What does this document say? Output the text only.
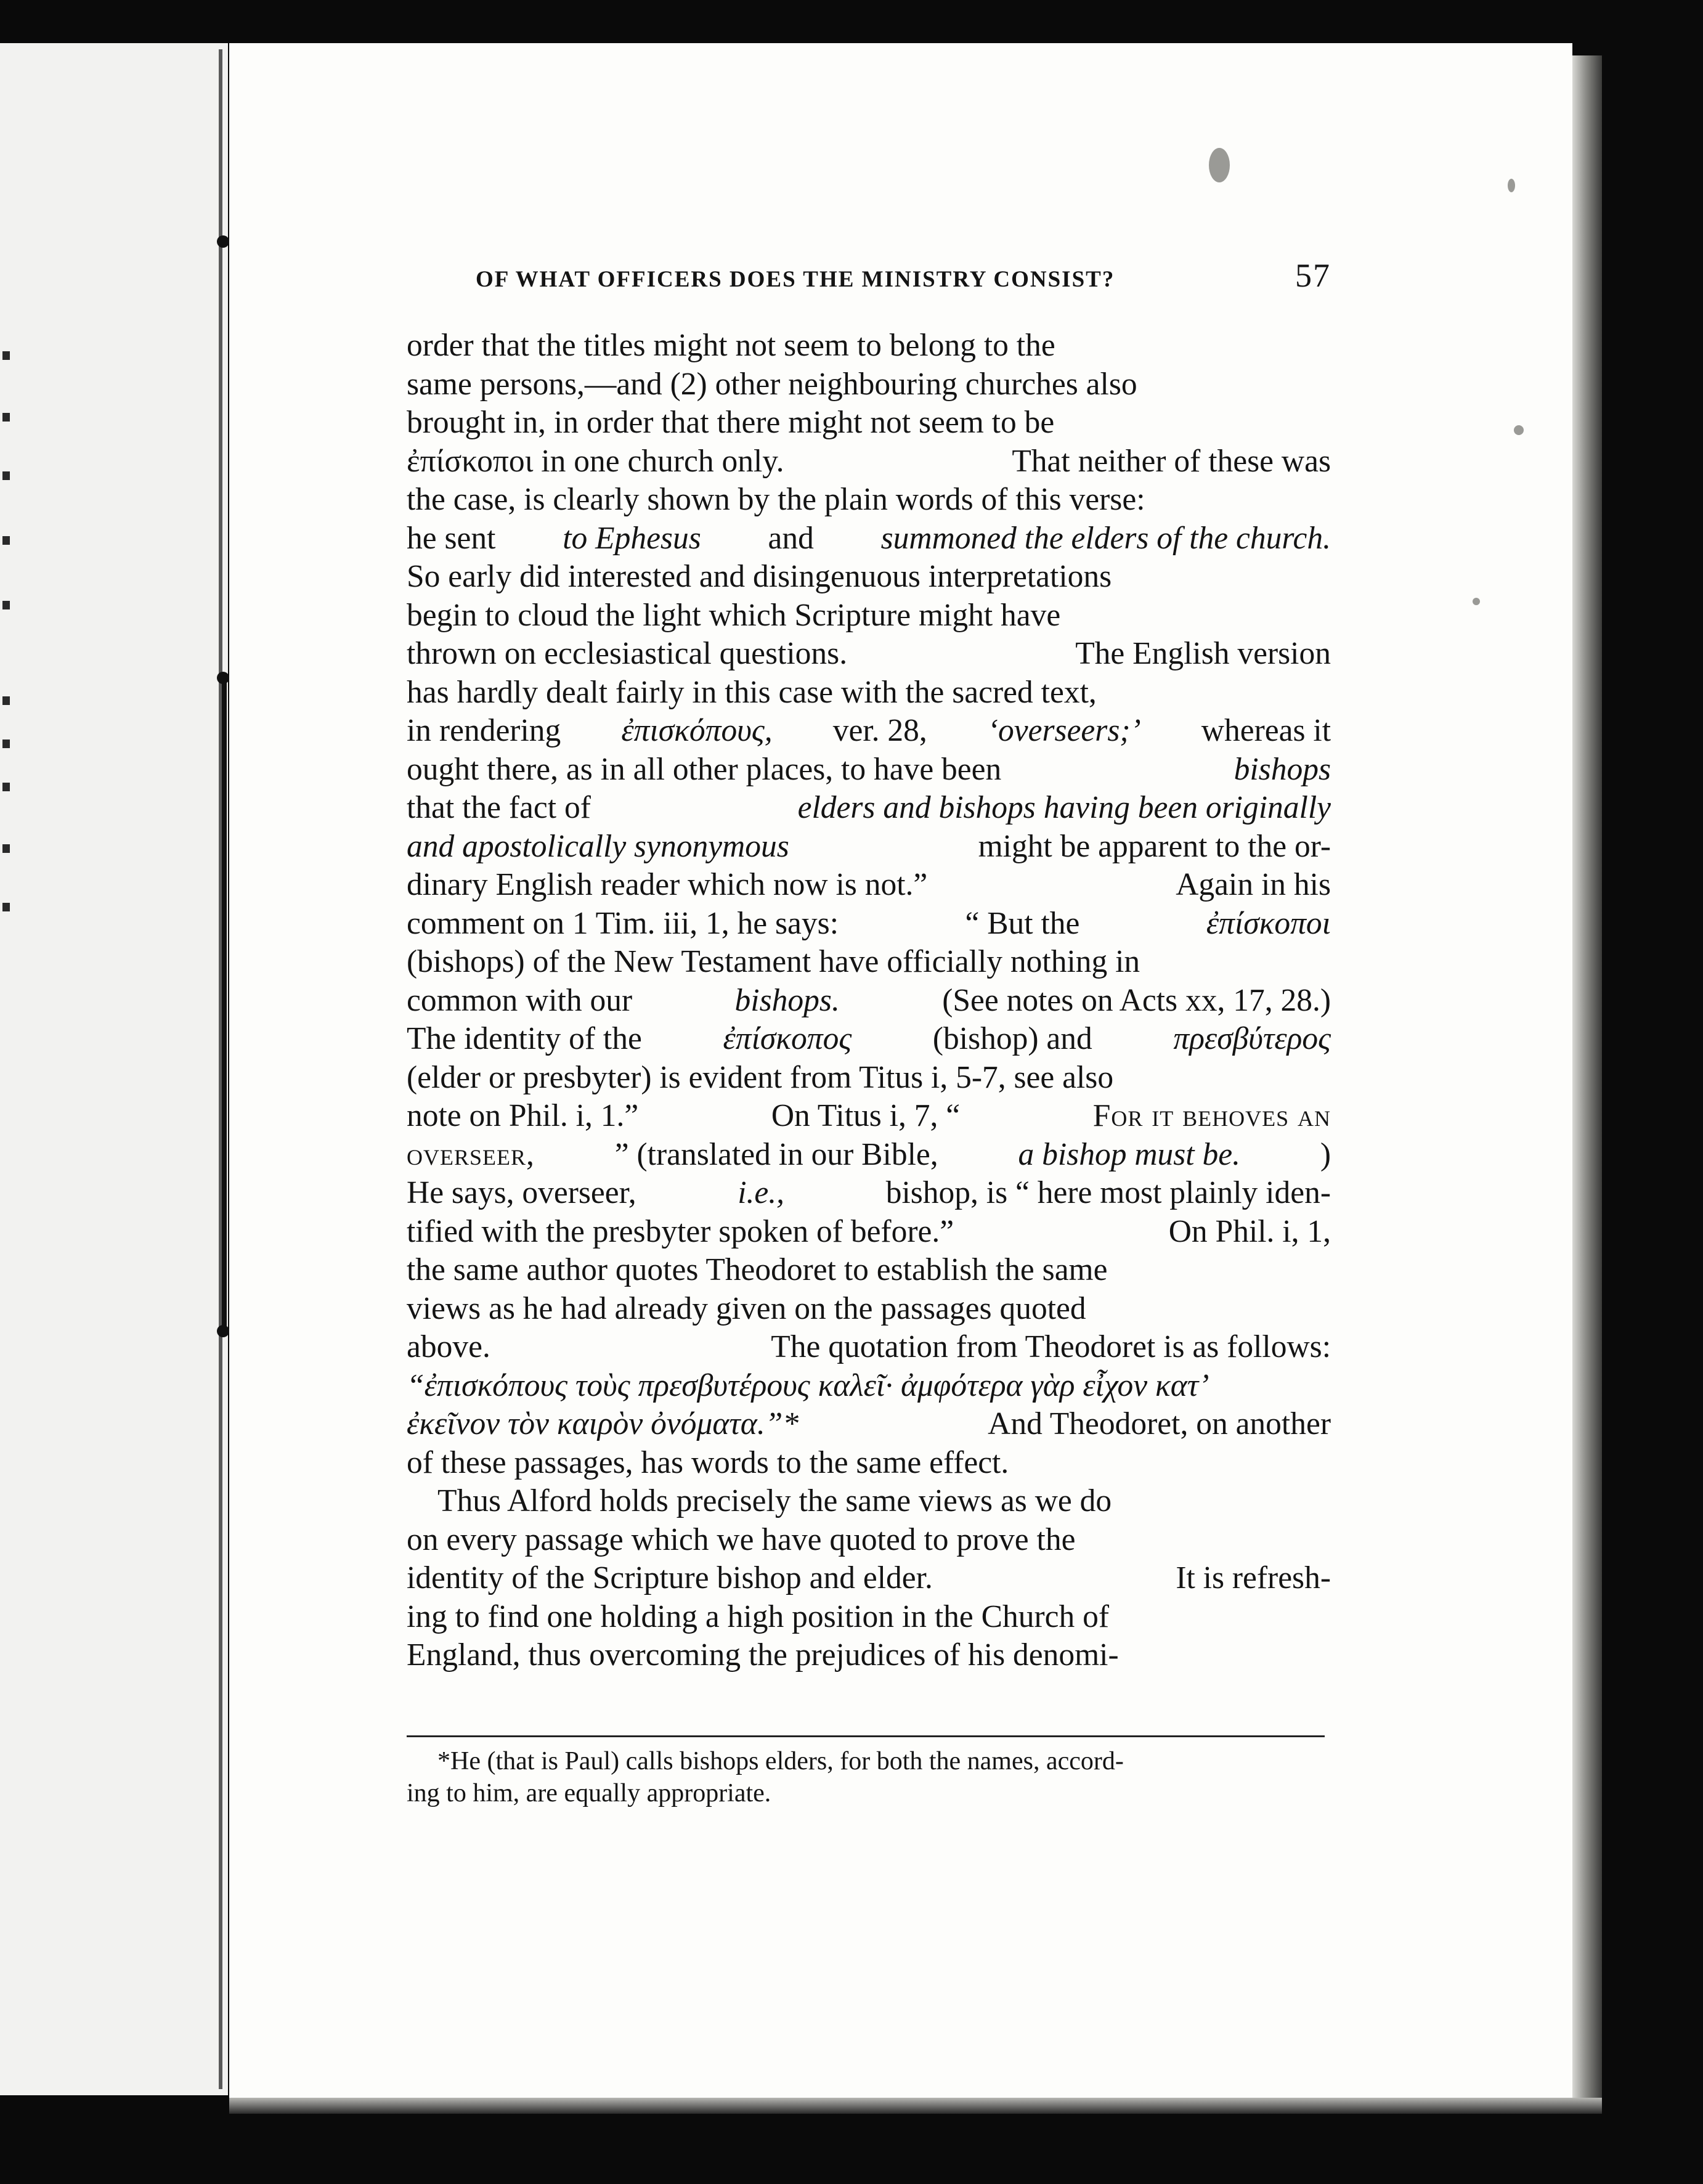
OF WHAT OFFICERS DOES THE MINISTRY CONSIST?	57
order that the titles might not seem to belong to the
same persons,—and (2) other neighbouring churches also
brought in, in order that there might not seem to be
ἐπίσκοποι in one church only.	That neither of these was
the case, is clearly shown by the plain words of this verse:
he sent to Ephesus and summoned the elders of the church.
So early did interested and disingenuous interpretations
begin to cloud the light which Scripture might have
thrown on ecclesiastical questions.	The English version
has hardly dealt fairly in this case with the sacred text,
in rendering ἐπισκόπους, ver. 28, ‘overseers;’ whereas it
ought there, as in all other places, to have been	bishops
that the fact of	elders and bishops having been originally
and apostolically synonymous	might be apparent to the or-
dinary English reader which now is not.”	Again in his
comment on 1 Tim. iii, 1, he says:	“ But the	ἐπίσκοποι
(bishops) of the New Testament have officially nothing in
common with our	bishops.	(See notes on Acts xx, 17, 28.)
The identity of the	ἐπίσκοπος	(bishop) and	πρεσβύτερος
(elder or presbyter) is evident from Titus i, 5-7, see also
note on Phil. i, 1.”	On Titus i, 7, “	For it behoves an
overseer,	” (translated in our Bible,	a bishop must be.	)
He says, overseer,	i.e.,	bishop, is “ here most plainly iden-
tified with the presbyter spoken of before.”	On Phil. i, 1,
the same author quotes Theodoret to establish the same
views as he had already given on the passages quoted
above.	The quotation from Theodoret is as follows:
“ἐπισκόπους τοὺς πρεσβυτέρους καλεῖ· ἀμφότερα γὰρ εἶχον κατ’
ἐκεῖνον τὸν καιρὸν ὀνόματα.”*	And Theodoret, on another
of these passages, has words to the same effect.
Thus Alford holds precisely the same views as we do
on every passage which we have quoted to prove the
identity of the Scripture bishop and elder.	It is refresh-
ing to find one holding a high position in the Church of
England, thus overcoming the prejudices of his denomi-
*He (that is Paul) calls bishops elders, for both the names, accord-
ing to him, are equally appropriate.
